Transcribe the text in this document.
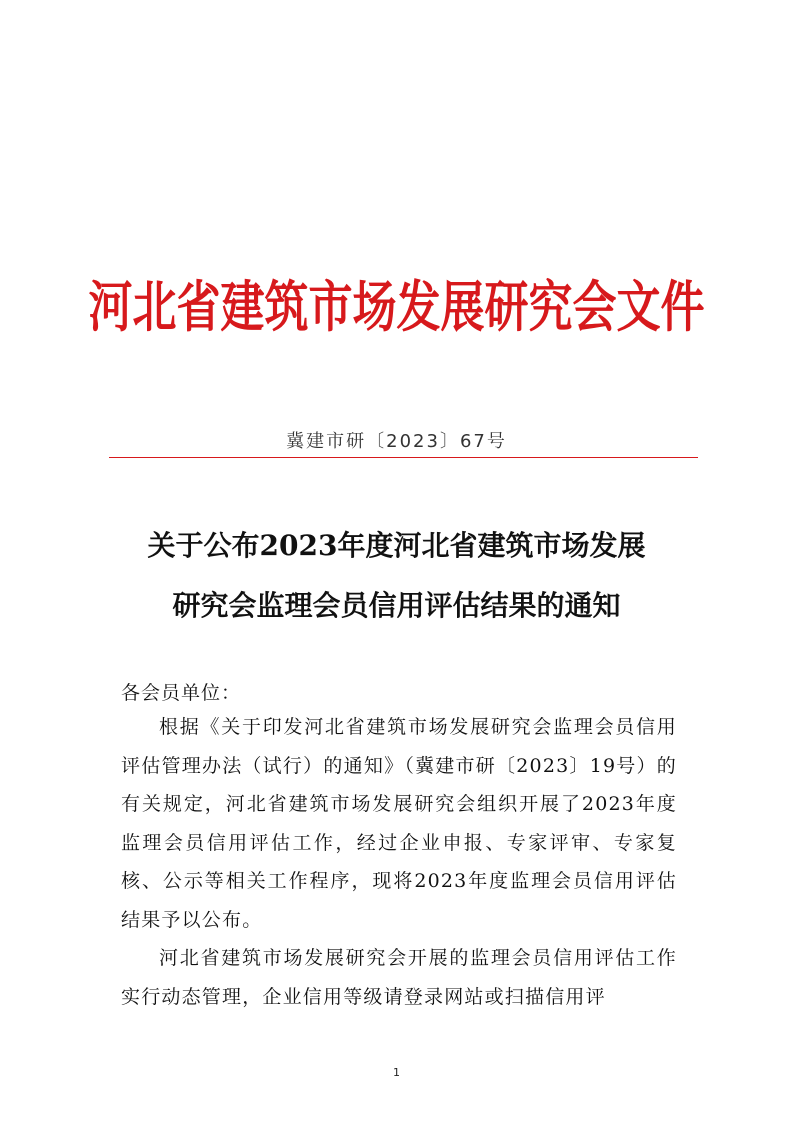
河北省建筑市场发展研究会文件
冀建市研〔2023〕67号
关于公布2023年度河北省建筑市场发展
研究会监理会员信用评估结果的通知
各会员单位：
根据《关于印发河北省建筑市场发展研究会监理会员信用评估管理办法（试行）的通知》（冀建市研〔2023〕19号）的有关规定，河北省建筑市场发展研究会组织开展了2023年度监理会员信用评估工作，经过企业申报、专家评审、专家复核、公示等相关工作程序，现将2023年度监理会员信用评估结果予以公布。
河北省建筑市场发展研究会开展的监理会员信用评估工作实行动态管理，企业信用等级请登录网站或扫描信用评
1
